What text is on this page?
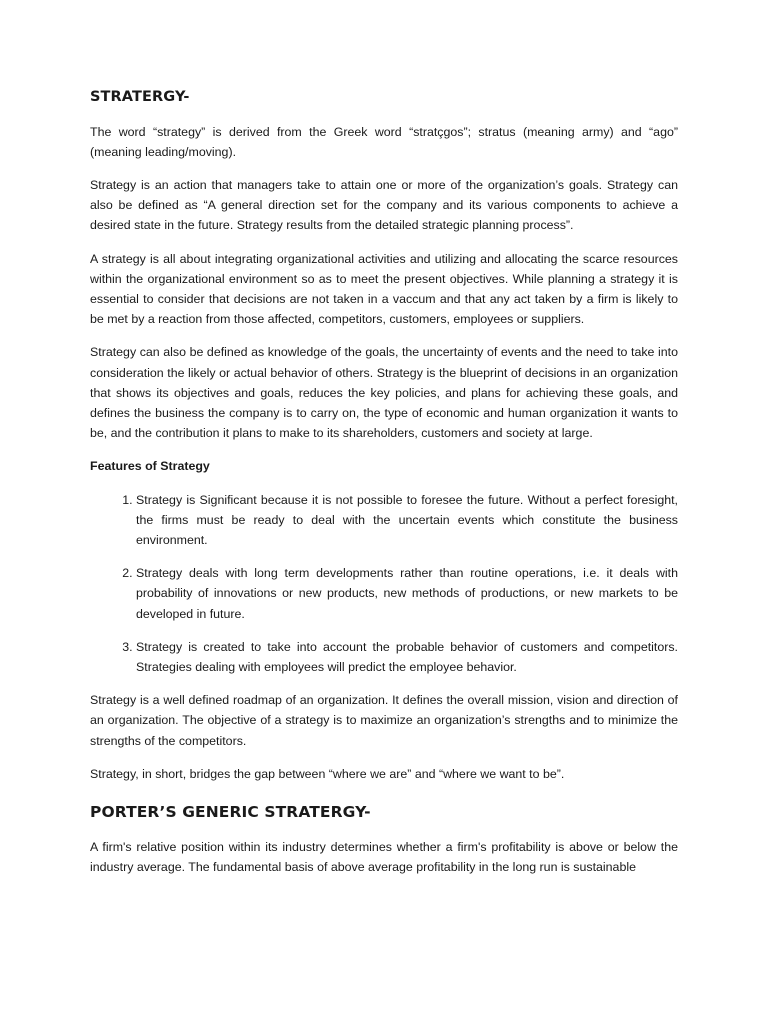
STRATERGY-

The word “strategy” is derived from the Greek word “stratçgos”; stratus (meaning army) and “ago” (meaning leading/moving).

Strategy is an action that managers take to attain one or more of the organization’s goals. Strategy can also be defined as “A general direction set for the company and its various components to achieve a desired state in the future. Strategy results from the detailed strategic planning process”.

A strategy is all about integrating organizational activities and utilizing and allocating the scarce resources within the organizational environment so as to meet the present objectives. While planning a strategy it is essential to consider that decisions are not taken in a vaccum and that any act taken by a firm is likely to be met by a reaction from those affected, competitors, customers, employees or suppliers.

Strategy can also be defined as knowledge of the goals, the uncertainty of events and the need to take into consideration the likely or actual behavior of others. Strategy is the blueprint of decisions in an organization that shows its objectives and goals, reduces the key policies, and plans for achieving these goals, and defines the business the company is to carry on, the type of economic and human organization it wants to be, and the contribution it plans to make to its shareholders, customers and society at large.

Features of Strategy
1. Strategy is Significant because it is not possible to foresee the future. Without a perfect foresight, the firms must be ready to deal with the uncertain events which constitute the business environment.
2. Strategy deals with long term developments rather than routine operations, i.e. it deals with probability of innovations or new products, new methods of productions, or new markets to be developed in future.
3. Strategy is created to take into account the probable behavior of customers and competitors. Strategies dealing with employees will predict the employee behavior.

Strategy is a well defined roadmap of an organization. It defines the overall mission, vision and direction of an organization. The objective of a strategy is to maximize an organization’s strengths and to minimize the strengths of the competitors.

Strategy, in short, bridges the gap between “where we are” and “where we want to be”.

PORTER’S GENERIC STRATERGY-

A firm's relative position within its industry determines whether a firm's profitability is above or below the industry average. The fundamental basis of above average profitability in the long run is sustainable
